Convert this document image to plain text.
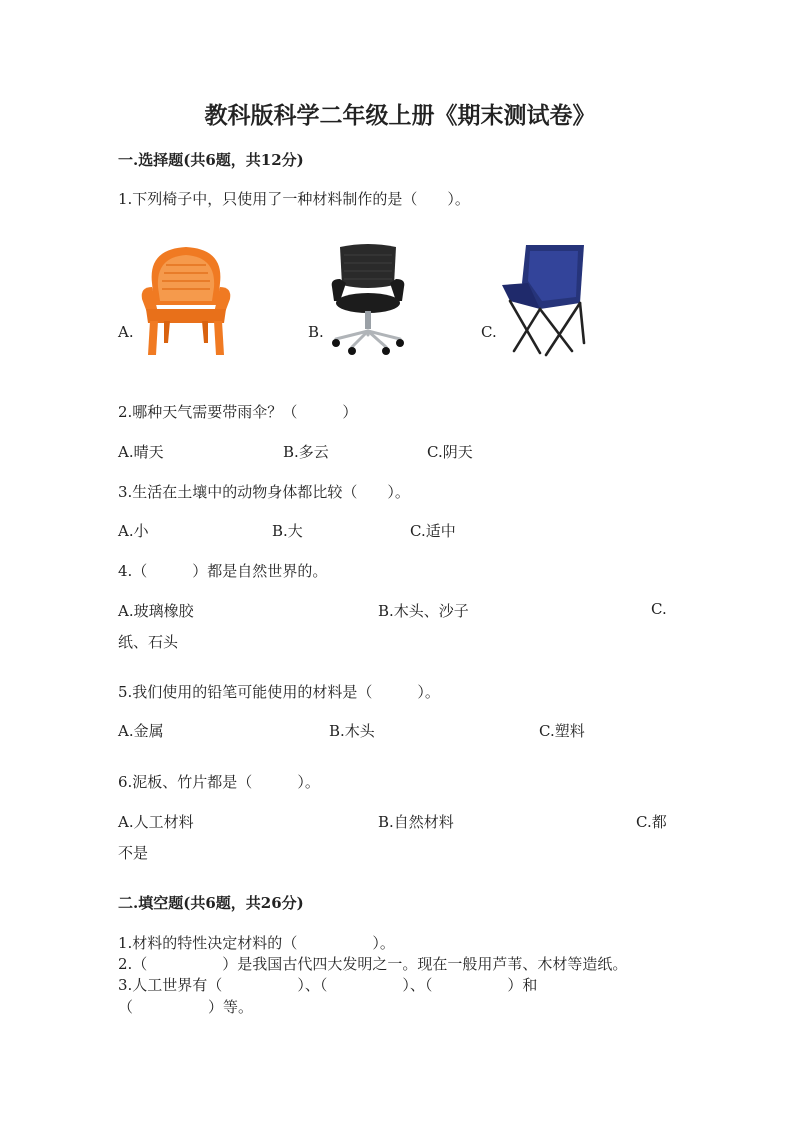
教科版科学二年级上册《期末测试卷》
一.选择题(共6题，共12分)
1.下列椅子中，只使用了一种材料制作的是（　　）。
A.	B.	C.
2.哪种天气需要带雨伞？（　　　）
A.晴天	B.多云	C.阴天
3.生活在土壤中的动物身体都比较（　　）。
A.小	B.大	C.适中
4.（　　　）都是自然世界的。
A.玻璃橡胶	B.木头、沙子	C.
纸、石头
5.我们使用的铅笔可能使用的材料是（　　　）。
A.金属	B.木头	C.塑料
6.泥板、竹片都是（　　　）。
A.人工材料	B.自然材料	C.都
不是
二.填空题(共6题，共26分)
1.材料的特性决定材料的（　　　　　）。
2.（　　　　　）是我国古代四大发明之一。现在一般用芦苇、木材等造纸。
3.人工世界有（　　　　　）、（　　　　　）、（　　　　　）和
（　　　　　）等。
